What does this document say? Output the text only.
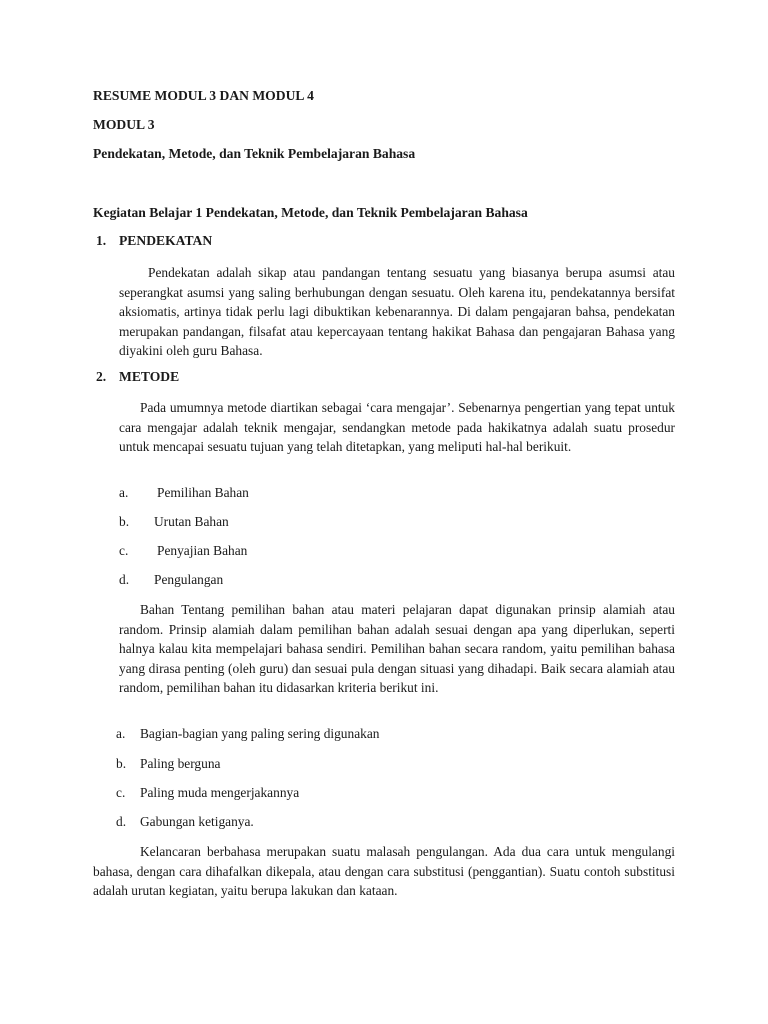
RESUME MODUL 3 DAN MODUL 4
MODUL 3
Pendekatan, Metode, dan Teknik Pembelajaran Bahasa
Kegiatan Belajar 1 Pendekatan, Metode, dan Teknik Pembelajaran Bahasa
1. PENDEKATAN

Pendekatan adalah sikap atau pandangan tentang sesuatu yang biasanya berupa asumsi atau seperangkat asumsi yang saling berhubungan dengan sesuatu. Oleh karena itu, pendekatannya bersifat aksiomatis, artinya tidak perlu lagi dibuktikan kebenarannya. Di dalam pengajaran bahsa, pendekatan merupakan pandangan, filsafat atau kepercayaan tentang hakikat Bahasa dan pengajaran Bahasa yang diyakini oleh guru Bahasa.

2. METODE

Pada umumnya metode diartikan sebagai ‘cara mengajar’. Sebenarnya pengertian yang tepat untuk cara mengajar adalah teknik mengajar, sendangkan metode pada hakikatnya adalah suatu prosedur untuk mencapai sesuatu tujuan yang telah ditetapkan, yang meliputi hal-hal berikuit.

a. Pemilihan Bahan
b. Urutan Bahan
c. Penyajian Bahan
d. Pengulangan

Bahan Tentang pemilihan bahan atau materi pelajaran dapat digunakan prinsip alamiah atau random. Prinsip alamiah dalam pemilihan bahan adalah sesuai dengan apa yang diperlukan, seperti halnya kalau kita mempelajari bahasa sendiri. Pemilihan bahan secara random, yaitu pemilihan bahasa yang dirasa penting (oleh guru) dan sesuai pula dengan situasi yang dihadapi. Baik secara alamiah atau random, pemilihan bahan itu didasarkan kriteria berikut ini.

a. Bagian-bagian yang paling sering digunakan
b. Paling berguna
c. Paling muda mengerjakannya
d. Gabungan ketiganya.

Kelancaran berbahasa merupakan suatu malasah pengulangan. Ada dua cara untuk mengulangi bahasa, dengan cara dihafalkan dikepala, atau dengan cara substitusi (penggantian). Suatu contoh substitusi adalah urutan kegiatan, yaitu berupa lakukan dan kataan.
